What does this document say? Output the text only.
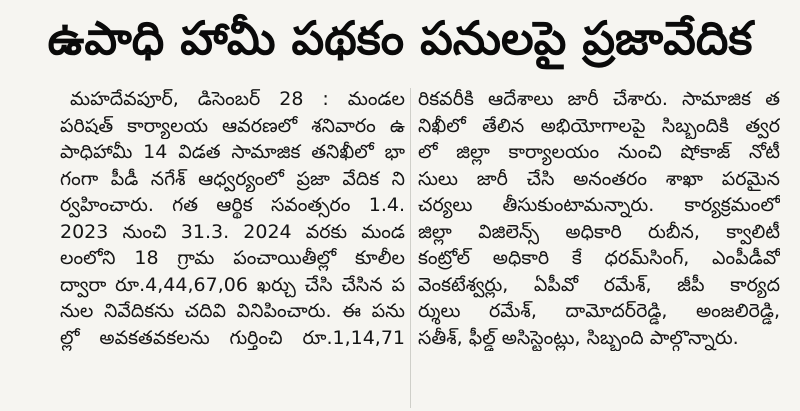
ఉపాధి హామీ పథకం పనులపై ప్రజావేదిక
మహదేవపూర్, డిసెంబర్ 28 : మండల
పరిషత్ కార్యాలయ ఆవరణలో శనివారం ఉ
పాధిహామీ 14 విడత సామాజిక తనిఖీలో భా
గంగా పీడీ నగేశ్ ఆధ్వర్యంలో ప్రజా వేదిక ని
ర్వహించారు. గత ఆర్థిక సవంత్సరం 1.4.
2023 నుంచి 31.3. 2024 వరకు మండ
లంలోని 18 గ్రామ పంచాయితీల్లో కూలీల
ద్వారా రూ.4,44,67,06 ఖర్చు చేసి చేసిన ప
నుల నివేదికను చదివి వినిపించారు. ఈ పను
ల్లో అవకతవకలను గుర్తించి రూ.1,14,71
రికవరీకి ఆదేశాలు జారీ చేశారు. సామాజిక త
నిఖీలో తేలిన అభియోగాలపై సిబ్బందికి త్వర
లో జిల్లా కార్యాలయం నుంచి షోకాజ్ నోటీ
సులు జారీ చేసి అనంతరం శాఖా పరమైన
చర్యలు తీసుకుంటామన్నారు. కార్యక్రమంలో
జిల్లా విజిలెన్స్ అధికారి రుబీన, క్వాలిటీ
కంట్రోల్ అధికారి కే ధరమ్‌సింగ్, ఎంపీడీవో
వెంకటేశ్వర్లు, ఏపీవో రమేశ్, జీపీ కార్యద
ర్శులు రమేశ్, దామోదర్‌రెడ్డి, అంజలిరెడ్డి,
సతీశ్, ఫీల్డ్ అసిస్టెంట్లు, సిబ్బంది పాల్గొన్నారు.
